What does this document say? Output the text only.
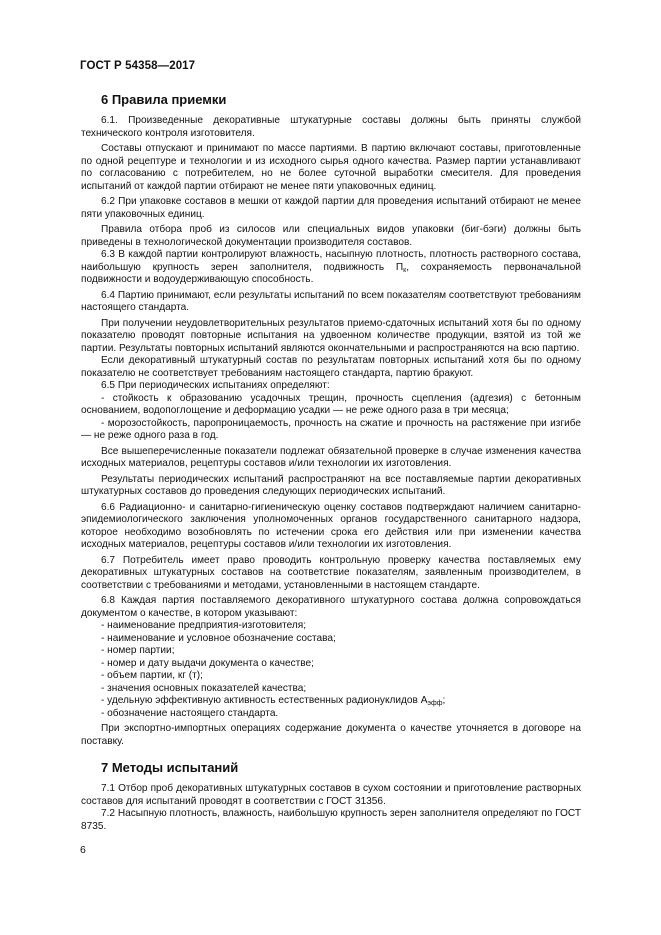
ГОСТ Р 54358—2017
6 Правила приемки

6.1. Произведенные декоративные штукатурные составы должны быть приняты службой технического контроля изготовителя.

Составы отпускают и принимают по массе партиями. В партию включают составы, приготовленные по одной рецептуре и технологии и из исходного сырья одного качества. Размер партии устанавливают по согласованию с потребителем, но не более суточной выработки смесителя. Для проведения испытаний от каждой партии отбирают не менее пяти упаковочных единиц.

6.2 При упаковке составов в мешки от каждой партии для проведения испытаний отбирают не менее пяти упаковочных единиц.

Правила отбора проб из силосов или специальных видов упаковки (биг-бэги) должны быть приведены в технологической документации производителя составов.

6.3 В каждой партии контролируют влажность, насыпную плотность, плотность растворного состава, наибольшую крупность зерен заполнителя, подвижность $П_к$, сохраняемость первоначальной подвижности и водоудерживающую способность.

6.4 Партию принимают, если результаты испытаний по всем показателям соответствуют требованиям настоящего стандарта.

При получении неудовлетворительных результатов приемо-сдаточных испытаний хотя бы по одному показателю проводят повторные испытания на удвоенном количестве продукции, взятой из той же партии. Результаты повторных испытаний являются окончательными и распространяются на всю партию.

Если декоративный штукатурный состав по результатам повторных испытаний хотя бы по одному показателю не соответствует требованиям настоящего стандарта, партию бракуют.

6.5 При периодических испытаниях определяют:

- стойкость к образованию усадочных трещин, прочность сцепления (адгезия) с бетонным основанием, водопоглощение и деформацию усадки — не реже одного раза в три месяца;

- морозостойкость, паропроницаемость, прочность на сжатие и прочность на растяжение при изгибе — не реже одного раза в год.

Все вышеперечисленные показатели подлежат обязательной проверке в случае изменения качества исходных материалов, рецептуры составов и/или технологии их изготовления.

Результаты периодических испытаний распространяют на все поставляемые партии декоративных штукатурных составов до проведения следующих периодических испытаний.

6.6 Радиационно- и санитарно-гигиеническую оценку составов подтверждают наличием санитарно-эпидемиологического заключения уполномоченных органов государственного санитарного надзора, которое необходимо возобновлять по истечении срока его действия или при изменении качества исходных материалов, рецептуры составов и/или технологии их изготовления.

6.7 Потребитель имеет право проводить контрольную проверку качества поставляемых ему декоративных штукатурных составов на соответствие показателям, заявленным производителем, в соответствии с требованиями и методами, установленными в настоящем стандарте.

6.8 Каждая партия поставляемого декоративного штукатурного состава должна сопровождаться документом о качестве, в котором указывают:

- наименование предприятия-изготовителя;

- наименование и условное обозначение состава;

- номер партии;

- номер и дату выдачи документа о качестве;

- объем партии, кг (т);

- значения основных показателей качества;

- удельную эффективную активность естественных радионуклидов $А_{эфф}$;

- обозначение настоящего стандарта.

При экспортно-импортных операциях содержание документа о качестве уточняется в договоре на поставку.

7 Методы испытаний

7.1 Отбор проб декоративных штукатурных составов в сухом состоянии и приготовление растворных составов для испытаний проводят в соответствии с ГОСТ 31356.

7.2 Насыпную плотность, влажность, наибольшую крупность зерен заполнителя определяют по ГОСТ 8735.

6
